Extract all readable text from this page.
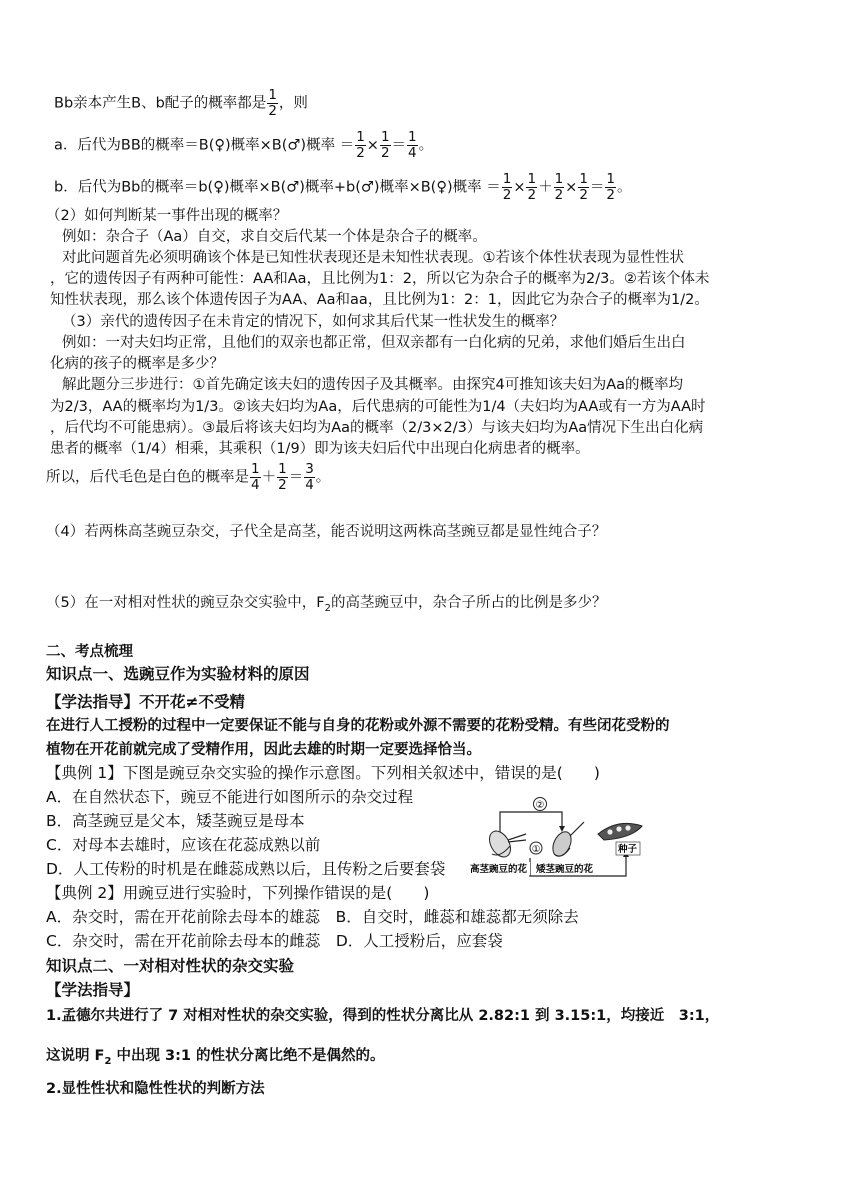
Bb亲本产生B、b配子的概率都是 $\frac{1}{2}$ ，则
a．后代为BB的概率＝B(♀)概率×B(♂)概率 ＝ $\frac{1}{2} \times \frac{1}{2} = \frac{1}{4}$ 。
b．后代为Bb的概率＝b(♀)概率×B(♂)概率+b(♂)概率×B(♀)概率 ＝ $\frac{1}{2} \times \frac{1}{2} + \frac{1}{2} \times \frac{1}{2} = \frac{1}{2}$ 。
（2）如何判断某一事件出现的概率？
例如：杂合子（Aa）自交，求自交后代某一个体是杂合子的概率。
对此问题首先必须明确该个体是已知性状表现还是未知性状表现。①若该个体性状表现为显性性状
，它的遗传因子有两种可能性：AA和Aa，且比例为1：2，所以它为杂合子的概率为2/3。②若该个体未
知性状表现，那么该个体遗传因子为AA、Aa和aa，且比例为1：2：1，因此它为杂合子的概率为1/2。
（3）亲代的遗传因子在未肯定的情况下，如何求其后代某一性状发生的概率？
例如：一对夫妇均正常，且他们的双亲也都正常，但双亲都有一白化病的兄弟，求他们婚后生出白
化病的孩子的概率是多少？
解此题分三步进行：①首先确定该夫妇的遗传因子及其概率。由探究4可推知该夫妇为Aa的概率均
为2/3，AA的概率均为1/3。②该夫妇均为Aa，后代患病的可能性为1/4（夫妇均为AA或有一方为AA时
，后代均不可能患病）。③最后将该夫妇均为Aa的概率（2/3×2/3）与该夫妇均为Aa情况下生出白化病
患者的概率（1/4）相乘，其乘积（1/9）即为该夫妇后代中出现白化病患者的概率。
所以，后代毛色是白色的概率是 $\frac{1}{4} + \frac{1}{2} = \frac{3}{4}$ 。
（4）若两株高茎豌豆杂交，子代全是高茎，能否说明这两株高茎豌豆都是显性纯合子？
（5）在一对相对性状的豌豆杂交实验中，$F_2$的高茎豌豆中，杂合子所占的比例是多少？
二、考点梳理
知识点一、选豌豆作为实验材料的原因
【学法指导】不开花≠不受精
在进行人工授粉的过程中一定要保证不能与自身的花粉或外源不需要的花粉受精。有些闭花受粉的
植物在开花前就完成了受精作用，因此去雄的时期一定要选择恰当。
【典例 1】下图是豌豆杂交实验的操作示意图。下列相关叙述中，错误的是(　　)
A．在自然状态下，豌豆不能进行如图所示的杂交过程
B．高茎豌豆是父本，矮茎豌豆是母本
C．对母本去雄时，应该在花蕊成熟以前
D．人工传粉的时机是在雌蕊成熟以后，且传粉之后要套袋
②
①
高茎豌豆的花 矮茎豌豆的花
种子
【典例 2】用豌豆进行实验时，下列操作错误的是(　　)
A．杂交时，需在开花前除去母本的雄蕊　B．自交时，雌蕊和雄蕊都无须除去
C．杂交时，需在开花前除去母本的雌蕊　D．人工授粉后，应套袋
知识点二、一对相对性状的杂交实验
【学法指导】
1.孟德尔共进行了 7 对相对性状的杂交实验，得到的性状分离比从 2.82:1 到 3.15:1，均接近　3:1，
这说明 $F_2$ 中出现 3:1 的性状分离比绝不是偶然的。
2.显性性状和隐性性状的判断方法
